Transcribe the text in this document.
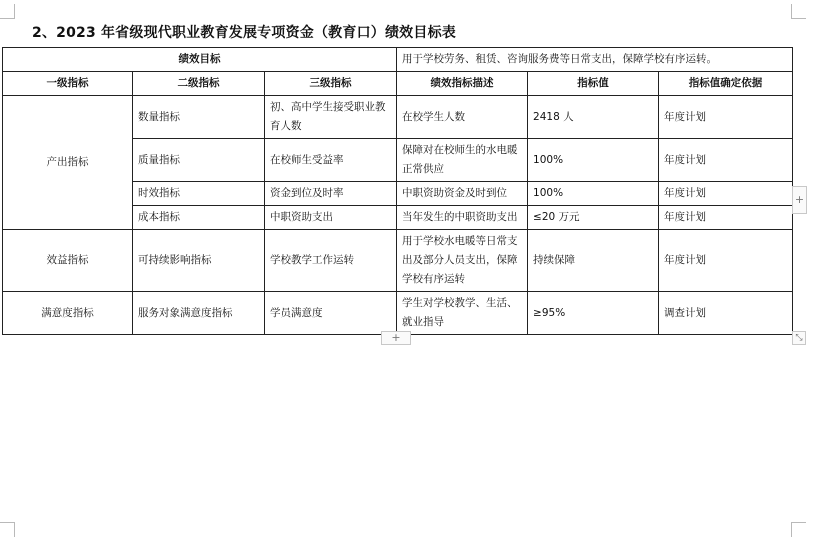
2、2023 年省级现代职业教育发展专项资金（教育口）绩效目标表
绩效目标			用于学校劳务、租赁、咨询服务费等日常支出，保障学校有序运转。		
一级指标	二级指标	三级指标	绩效指标描述	指标值	指标值确定依据
产出指标	数量指标	初、高中学生接受职业教育人数	在校学生人数	2418 人	年度计划
	质量指标	在校师生受益率	保障对在校师生的水电暖正常供应	100%	年度计划
	时效指标	资金到位及时率	中职资助资金及时到位	100%	年度计划
	成本指标	中职资助支出	当年发生的中职资助支出	≤20 万元	年度计划
效益指标	可持续影响指标	学校教学工作运转	用于学校水电暖等日常支出及部分人员支出，保障学校有序运转	持续保障	年度计划
满意度指标	服务对象满意度指标	学员满意度	学生对学校教学、生活、就业指导	≥95%	调查计划
+
+	⤡
